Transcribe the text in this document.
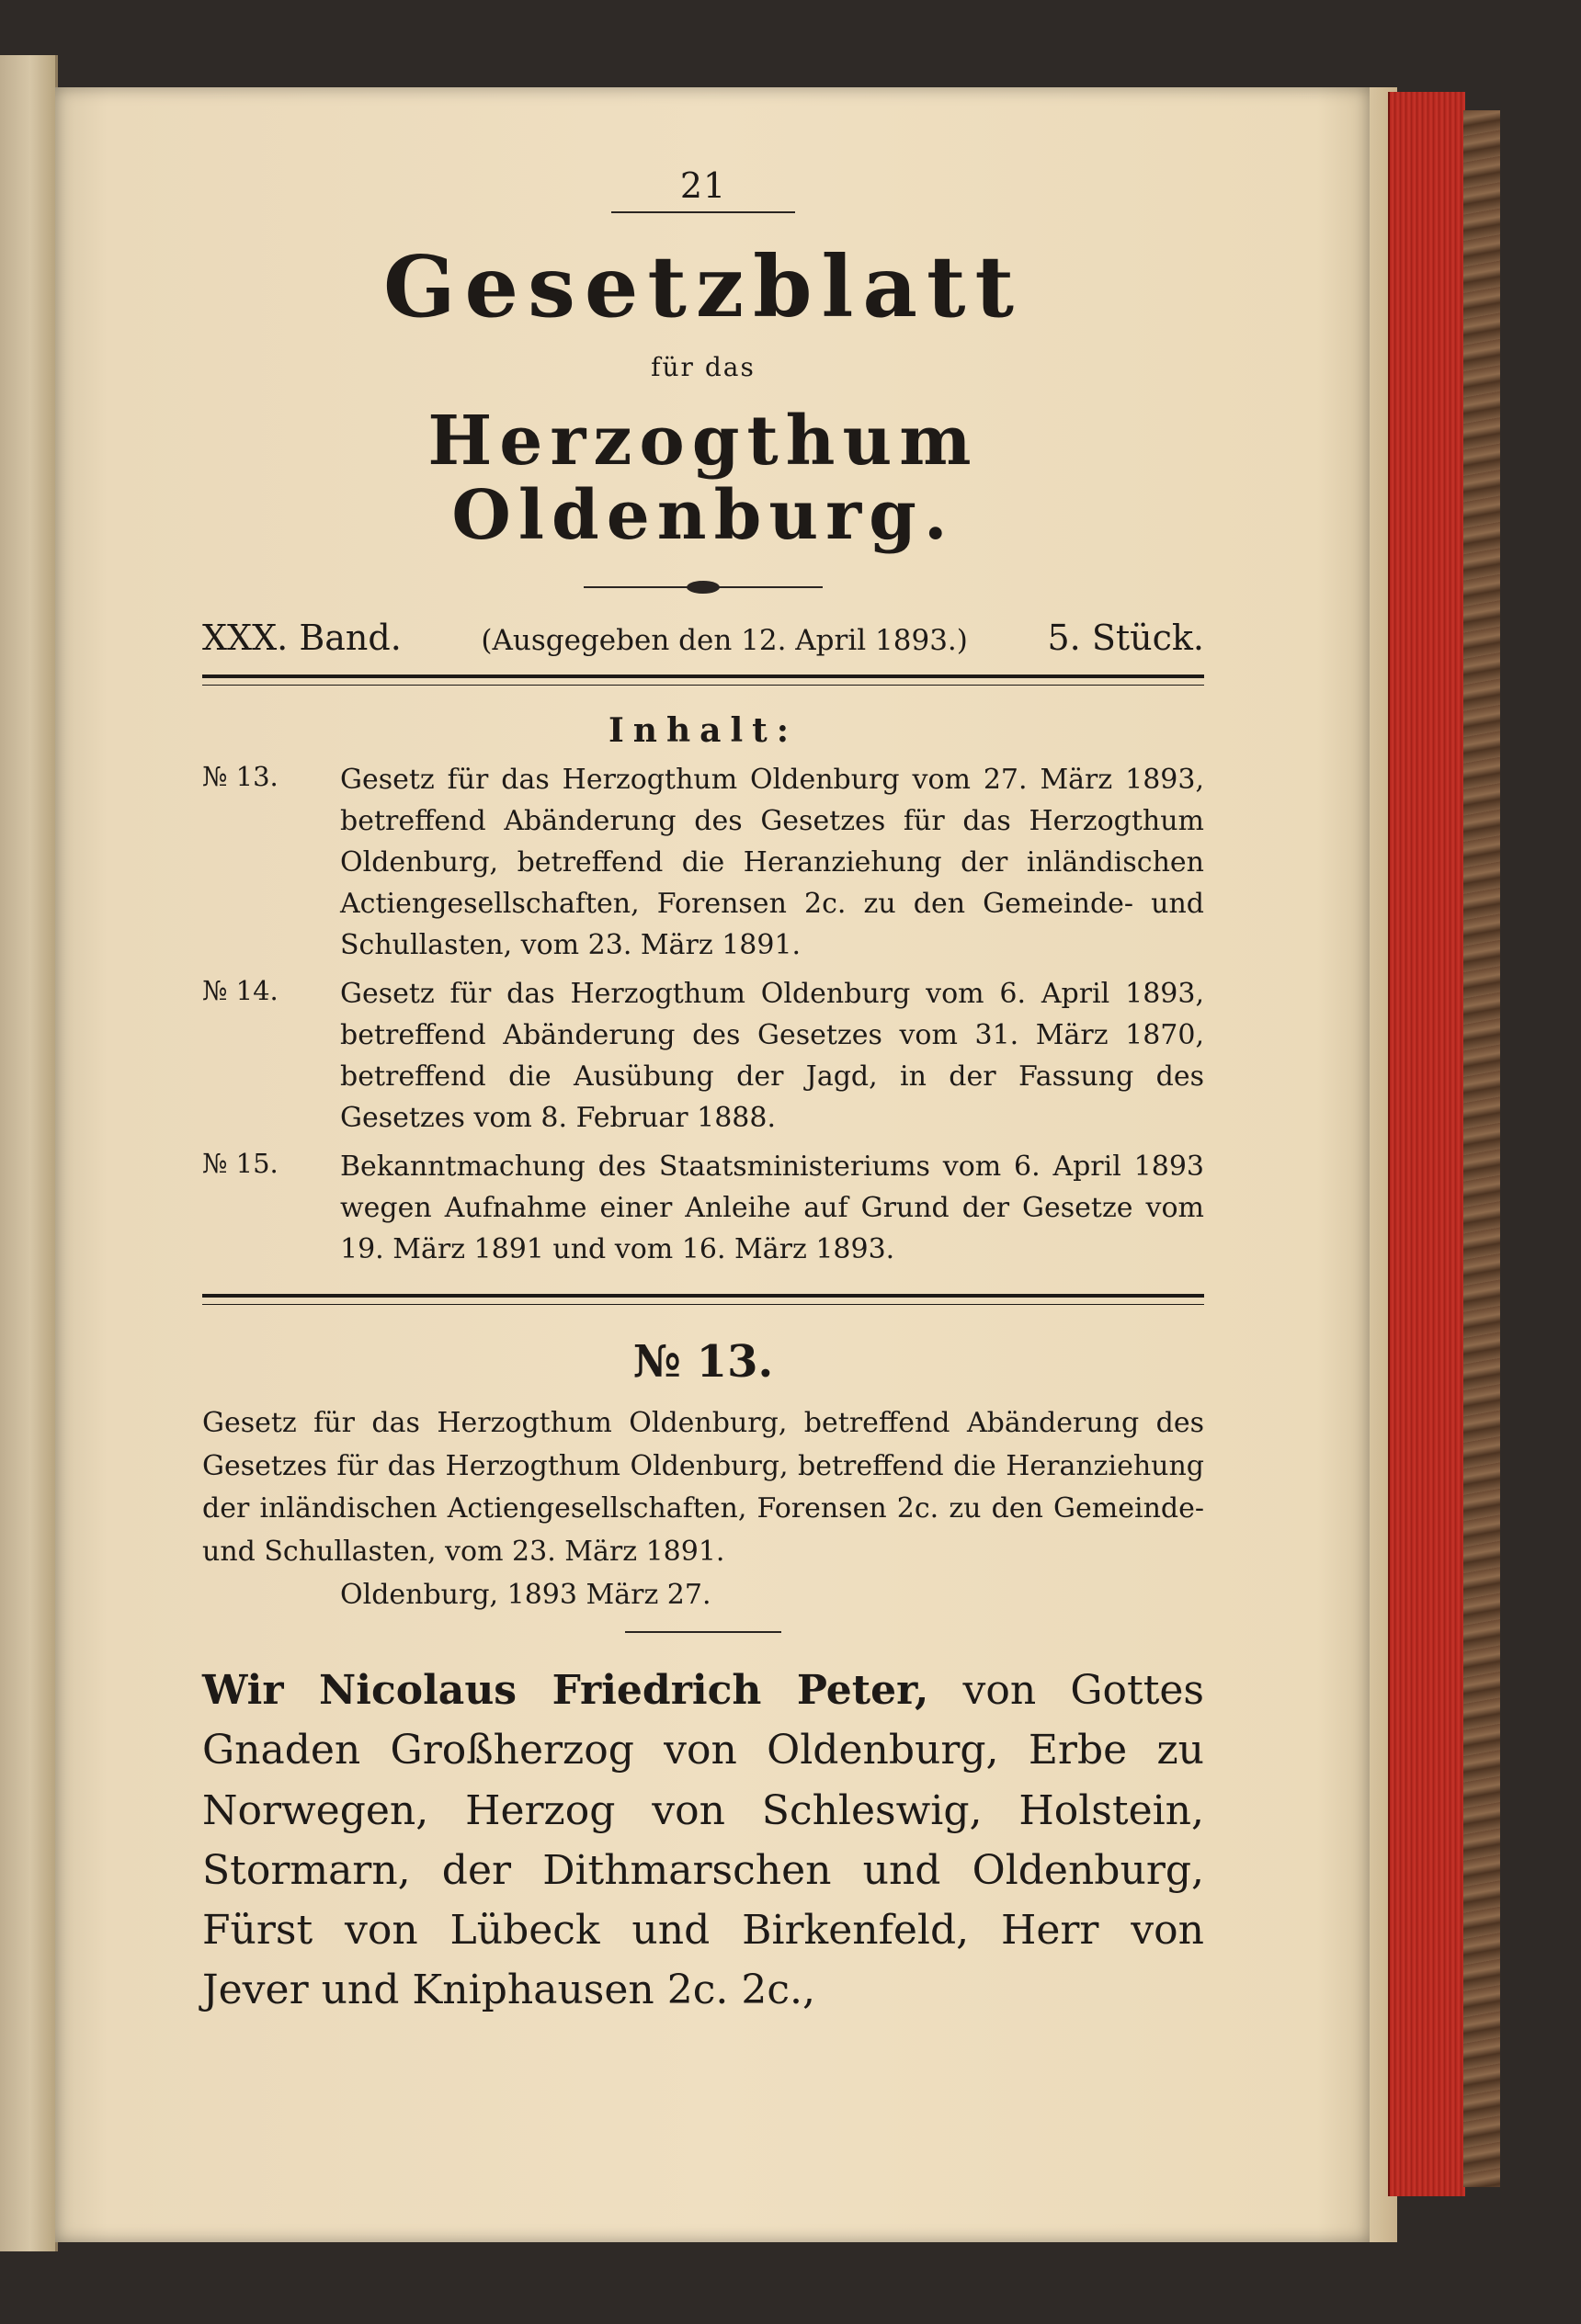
21
Gesetzblatt
für das
Herzogthum Oldenburg.
XXX. Band.	(Ausgegeben den 12. April 1893.) 5. Stück.
Inhalt:
№ 13.	Gesetz für das Herzogthum Oldenburg vom 27. März 1893, betreffend Abänderung des Gesetzes für das Herzogthum Oldenburg, betreffend die Heranziehung der inländischen Actiengesellschaften, Forensen 2c. zu den Gemeinde- und Schullasten, vom 23. März 1891.
№ 14.	Gesetz für das Herzogthum Oldenburg vom 6. April 1893, betreffend Abänderung des Gesetzes vom 31. März 1870, betreffend die Ausübung der Jagd, in der Fassung des Gesetzes vom 8. Februar 1888.
№ 15.	Bekanntmachung des Staatsministeriums vom 6. April 1893 wegen Aufnahme einer Anleihe auf Grund der Gesetze vom 19. März 1891 und vom 16. März 1893.
№ 13.
Gesetz für das Herzogthum Oldenburg, betreffend Abänderung des Gesetzes für das Herzogthum Oldenburg, betreffend die Heranziehung der inländischen Actiengesellschaften, Forensen 2c. zu den Gemeinde- und Schullasten, vom 23. März 1891.
Oldenburg, 1893 März 27.
Wir Nicolaus Friedrich Peter, von Gottes Gnaden Großherzog von Oldenburg, Erbe zu Norwegen, Herzog von Schleswig, Holstein, Stormarn, der Dithmarschen und Oldenburg, Fürst von Lübeck und Birkenfeld, Herr von Jever und Kniphausen 2c. 2c.,
